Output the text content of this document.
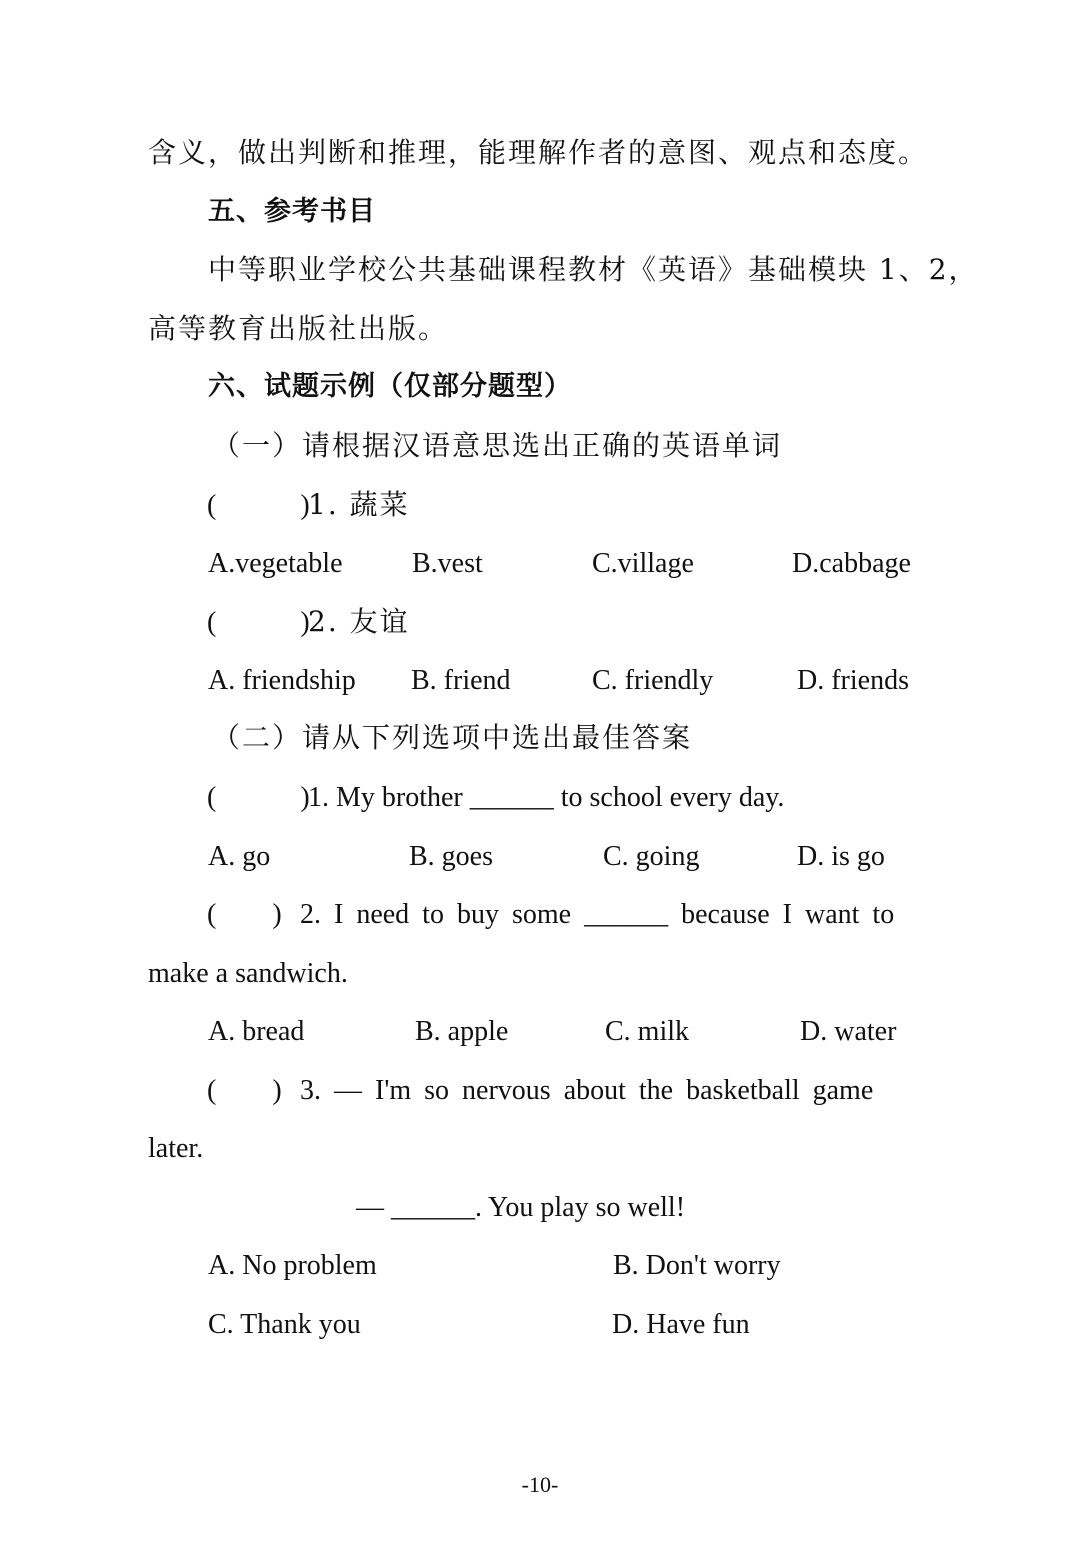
含义，做出判断和推理，能理解作者的意图、观点和态度。
五、参考书目
中等职业学校公共基础课程教材《英语》基础模块 1、2，
高等教育出版社出版。
六、试题示例（仅部分题型）
（一）请根据汉语意思选出正确的英语单词
(　　　)
1. 蔬菜
A.vegetable B.vest	C.village	D.cabbage
(　　　)
2. 友谊
A. friendship B. friend	C. friendly	D. friends
（二）请从下列选项中选出最佳答案
(　　　)
1. My brother ______ to school every day.
A. go	B. goes	C. going	D. is go
(　　) 2. I need to buy some ______ because I want to
make a sandwich.
A. bread	B. apple	C. milk	D. water
(　　) 3. — I'm so nervous about the basketball game
later.
— ______. You play so well!
A. No problem	B. Don't worry
C. Thank you	D. Have fun
-10-
